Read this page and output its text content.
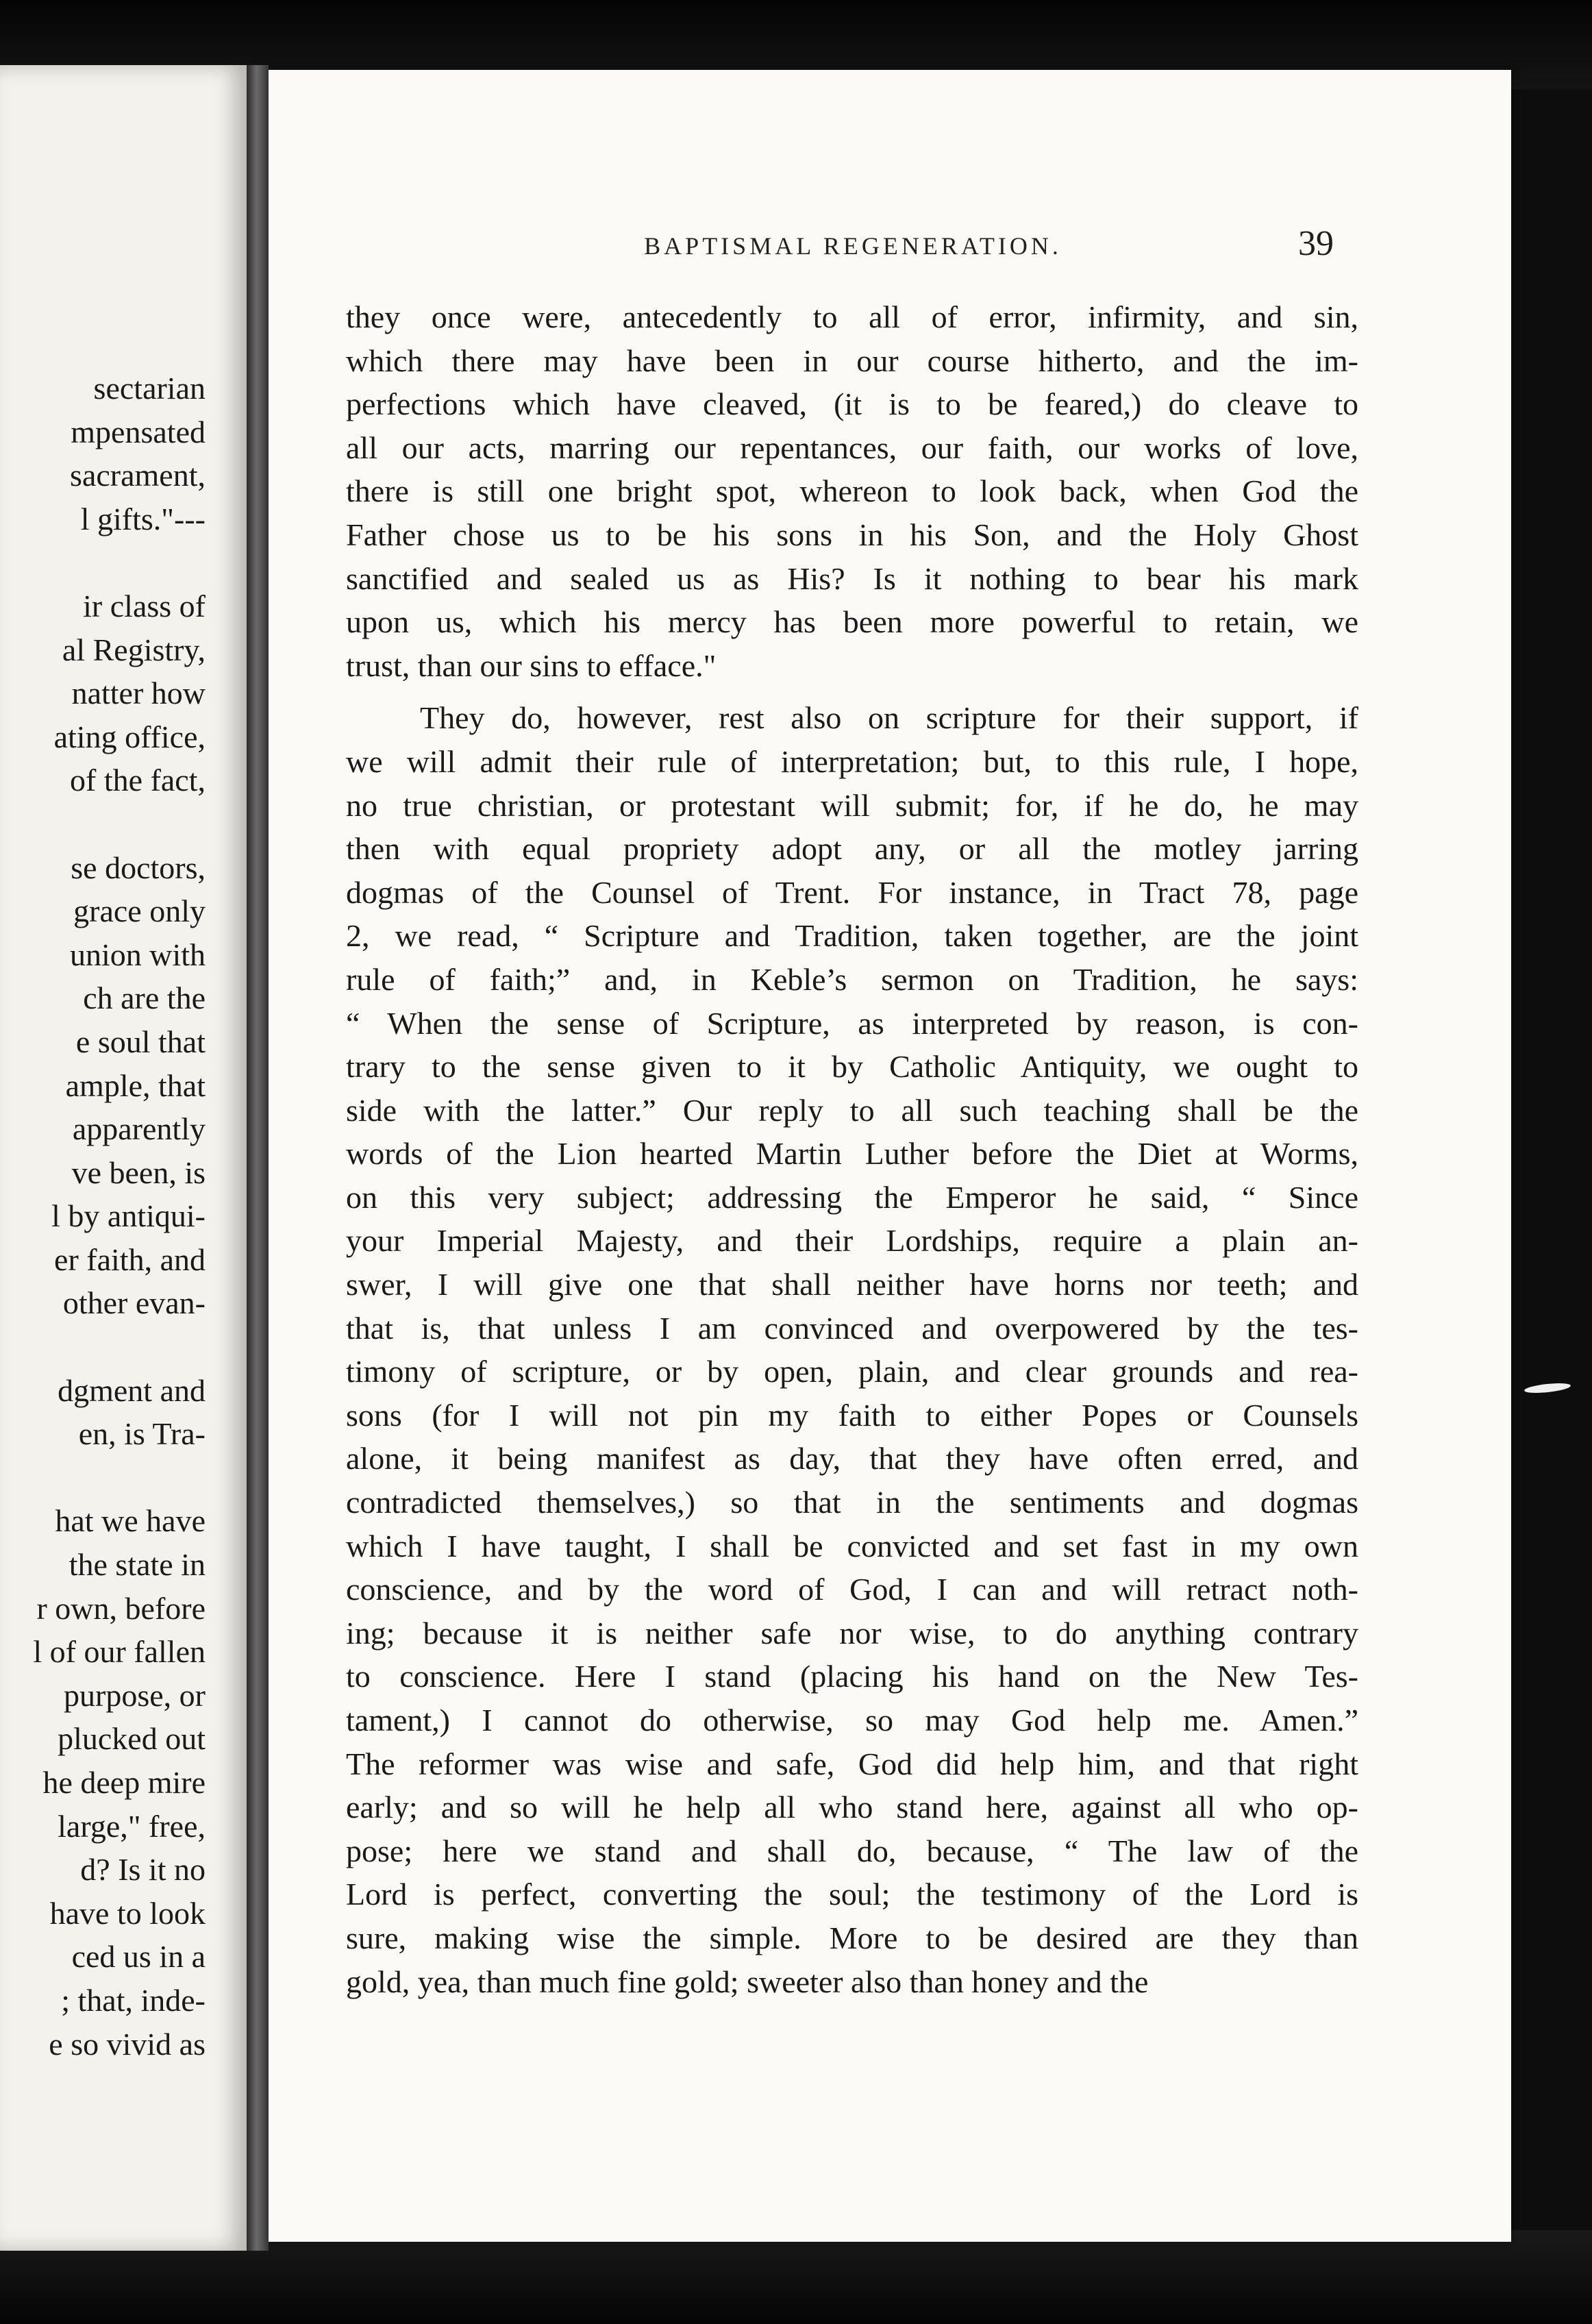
sectarian
mpensated
sacrament,
l gifts."---

ir class of
al Registry,
natter how
ating office,
of the fact,

se doctors,
grace only
union with
ch are the
e soul that
ample, that
apparently
ve been, is
l by antiqui-
er faith, and
other evan-

dgment and
en, is Tra-

hat we have
the state in
r own, before
l of our fallen
purpose, or
plucked out
he deep mire
large," free,
d? Is it no
have to look
ced us in a
; that, inde-
e so vivid as
BAPTISMAL REGENERATION.	39
they once were, antecedently to all of error, infirmity, and sin,
which there may have been in our course hitherto, and the im-
perfections which have cleaved, (it is to be feared,) do cleave to
all our acts, marring our repentances, our faith, our works of love,
there is still one bright spot, whereon to look back, when God the
Father chose us to be his sons in his Son, and the Holy Ghost
sanctified and sealed us as His? Is it nothing to bear his mark
upon us, which his mercy has been more powerful to retain, we
trust, than our sins to efface."
They do, however, rest also on scripture for their support, if
we will admit their rule of interpretation; but, to this rule, I hope,
no true christian, or protestant will submit; for, if he do, he may
then with equal propriety adopt any, or all the motley jarring
dogmas of the Counsel of Trent. For instance, in Tract 78, page
2, we read, “ Scripture and Tradition, taken together, are the joint
rule of faith;” and, in Keble’s sermon on Tradition, he says:
“ When the sense of Scripture, as interpreted by reason, is con-
trary to the sense given to it by Catholic Antiquity, we ought to
side with the latter.” Our reply to all such teaching shall be the
words of the Lion hearted Martin Luther before the Diet at Worms,
on this very subject; addressing the Emperor he said, “ Since
your Imperial Majesty, and their Lordships, require a plain an-
swer, I will give one that shall neither have horns nor teeth; and
that is, that unless I am convinced and overpowered by the tes-
timony of scripture, or by open, plain, and clear grounds and rea-
sons (for I will not pin my faith to either Popes or Counsels
alone, it being manifest as day, that they have often erred, and
contradicted themselves,) so that in the sentiments and dogmas
which I have taught, I shall be convicted and set fast in my own
conscience, and by the word of God, I can and will retract noth-
ing; because it is neither safe nor wise, to do anything contrary
to conscience. Here I stand (placing his hand on the New Tes-
tament,) I cannot do otherwise, so may God help me. Amen.”
The reformer was wise and safe, God did help him, and that right
early; and so will he help all who stand here, against all who op-
pose; here we stand and shall do, because, “ The law of the
Lord is perfect, converting the soul; the testimony of the Lord is
sure, making wise the simple. More to be desired are they than
gold, yea, than much fine gold; sweeter also than honey and the
